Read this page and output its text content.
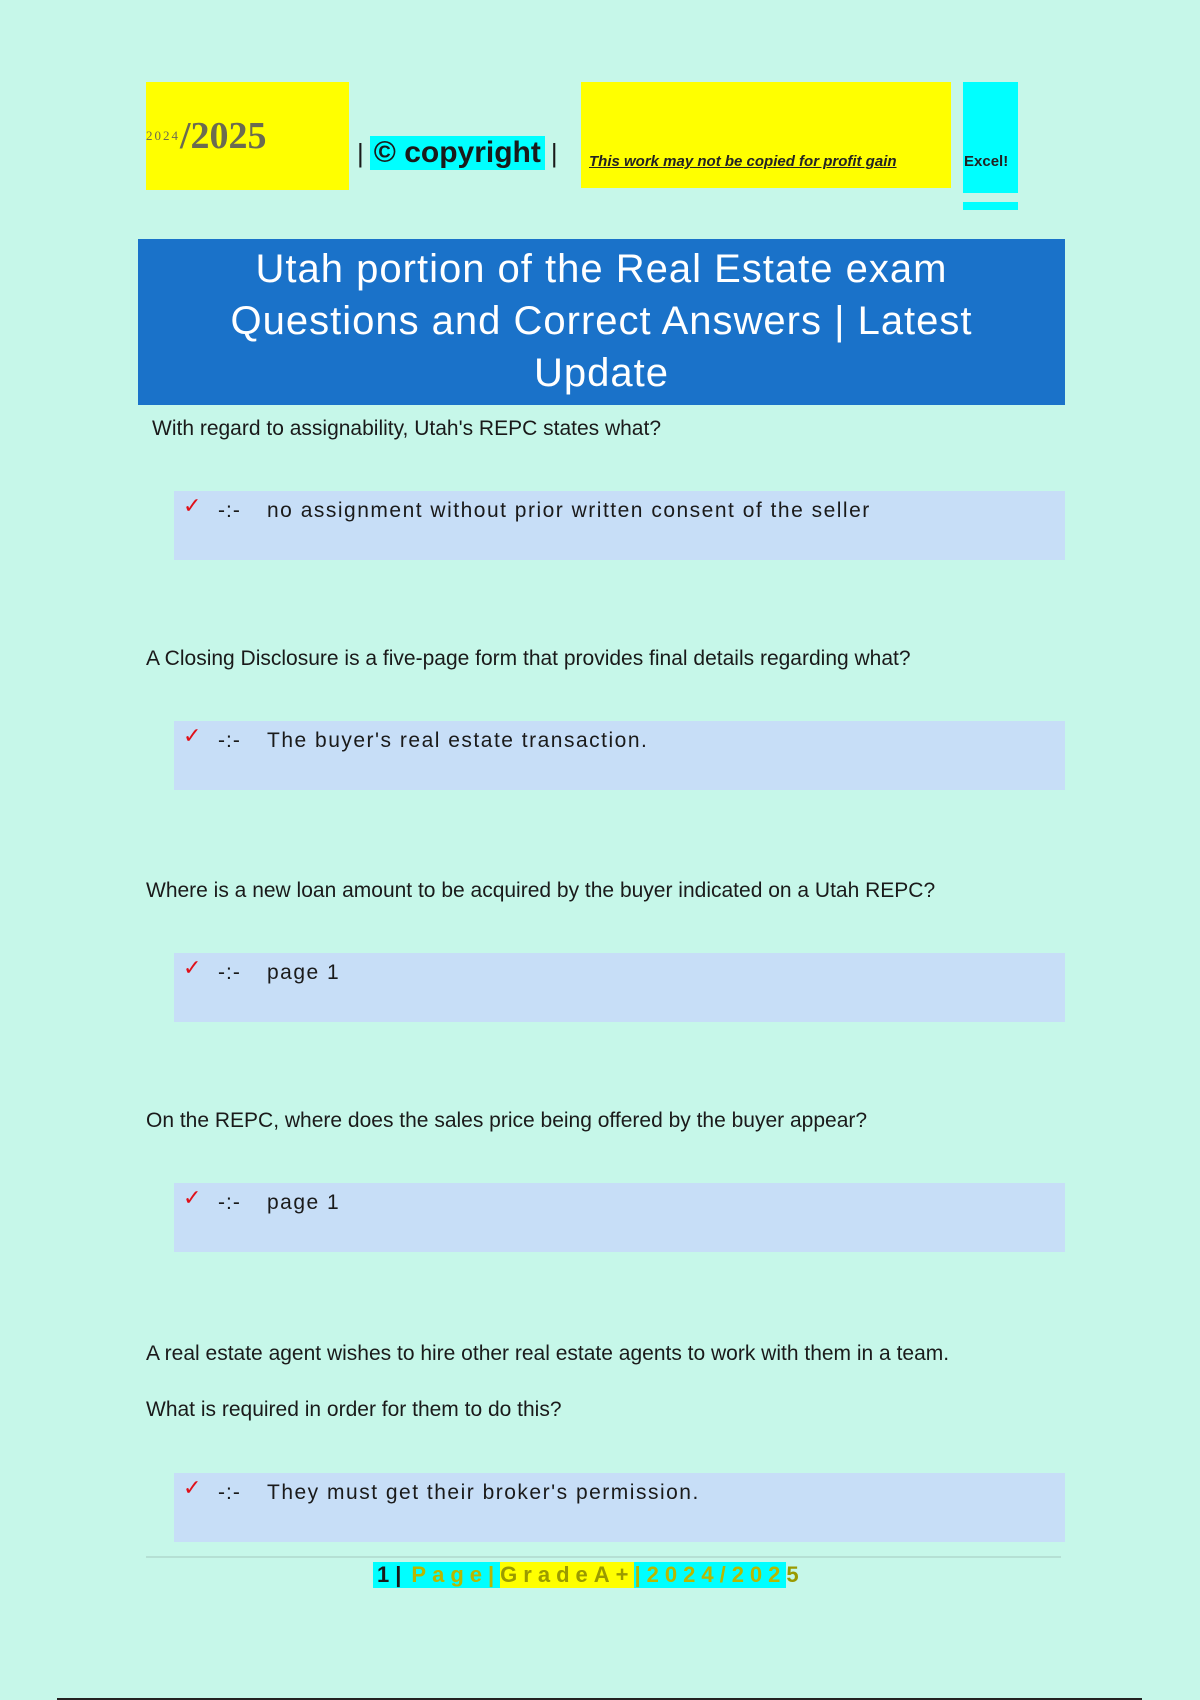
2024 /2025	| © copyright | This work may not be copied for profit gain	Excel!
Utah portion of the Real Estate exam
Questions and Correct Answers | Latest
Update
With regard to assignability, Utah's REPC states what?
✓ -:- no assignment without prior written consent of the seller
A Closing Disclosure is a five-page form that provides final details regarding what?
✓ -:- The buyer's real estate transaction.
Where is a new loan amount to be acquired by the buyer indicated on a Utah REPC?
✓ -:- page 1
On the REPC, where does the sales price being offered by the buyer appear?
✓ -:- page 1
A real estate agent wishes to hire other real estate agents to work with them in a team.
What is required in order for them to do this?
✓ -:- They must get their broker's permission.
1| Page | GradeA+ | 2024/202 5
